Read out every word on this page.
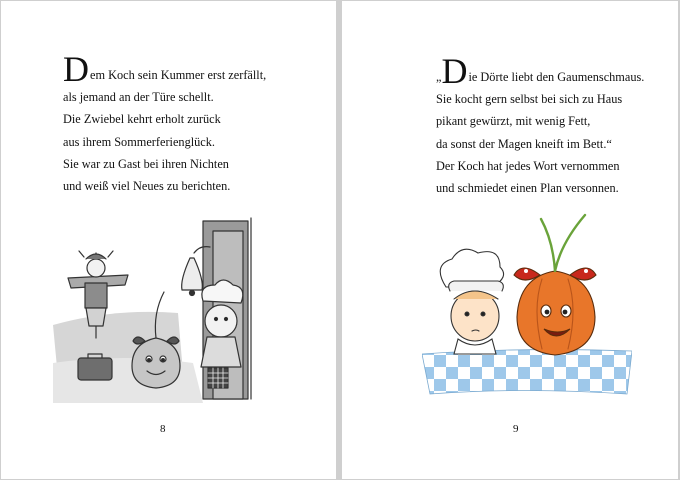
Dem Koch sein Kummer erst zerfällt,
als jemand an der Türe schellt.
Die Zwiebel kehrt erholt zurück
aus ihrem Sommerferienglück.
Sie war zu Gast bei ihren Nichten
und weiß viel Neues zu berichten.
8
„Die Dörte liebt den Gaumenschmaus.
Sie kocht gern selbst bei sich zu Haus
pikant gewürzt, mit wenig Fett,
da sonst der Magen kneift im Bett.“
Der Koch hat jedes Wort vernommen
und schmiedet einen Plan versonnen.
9
